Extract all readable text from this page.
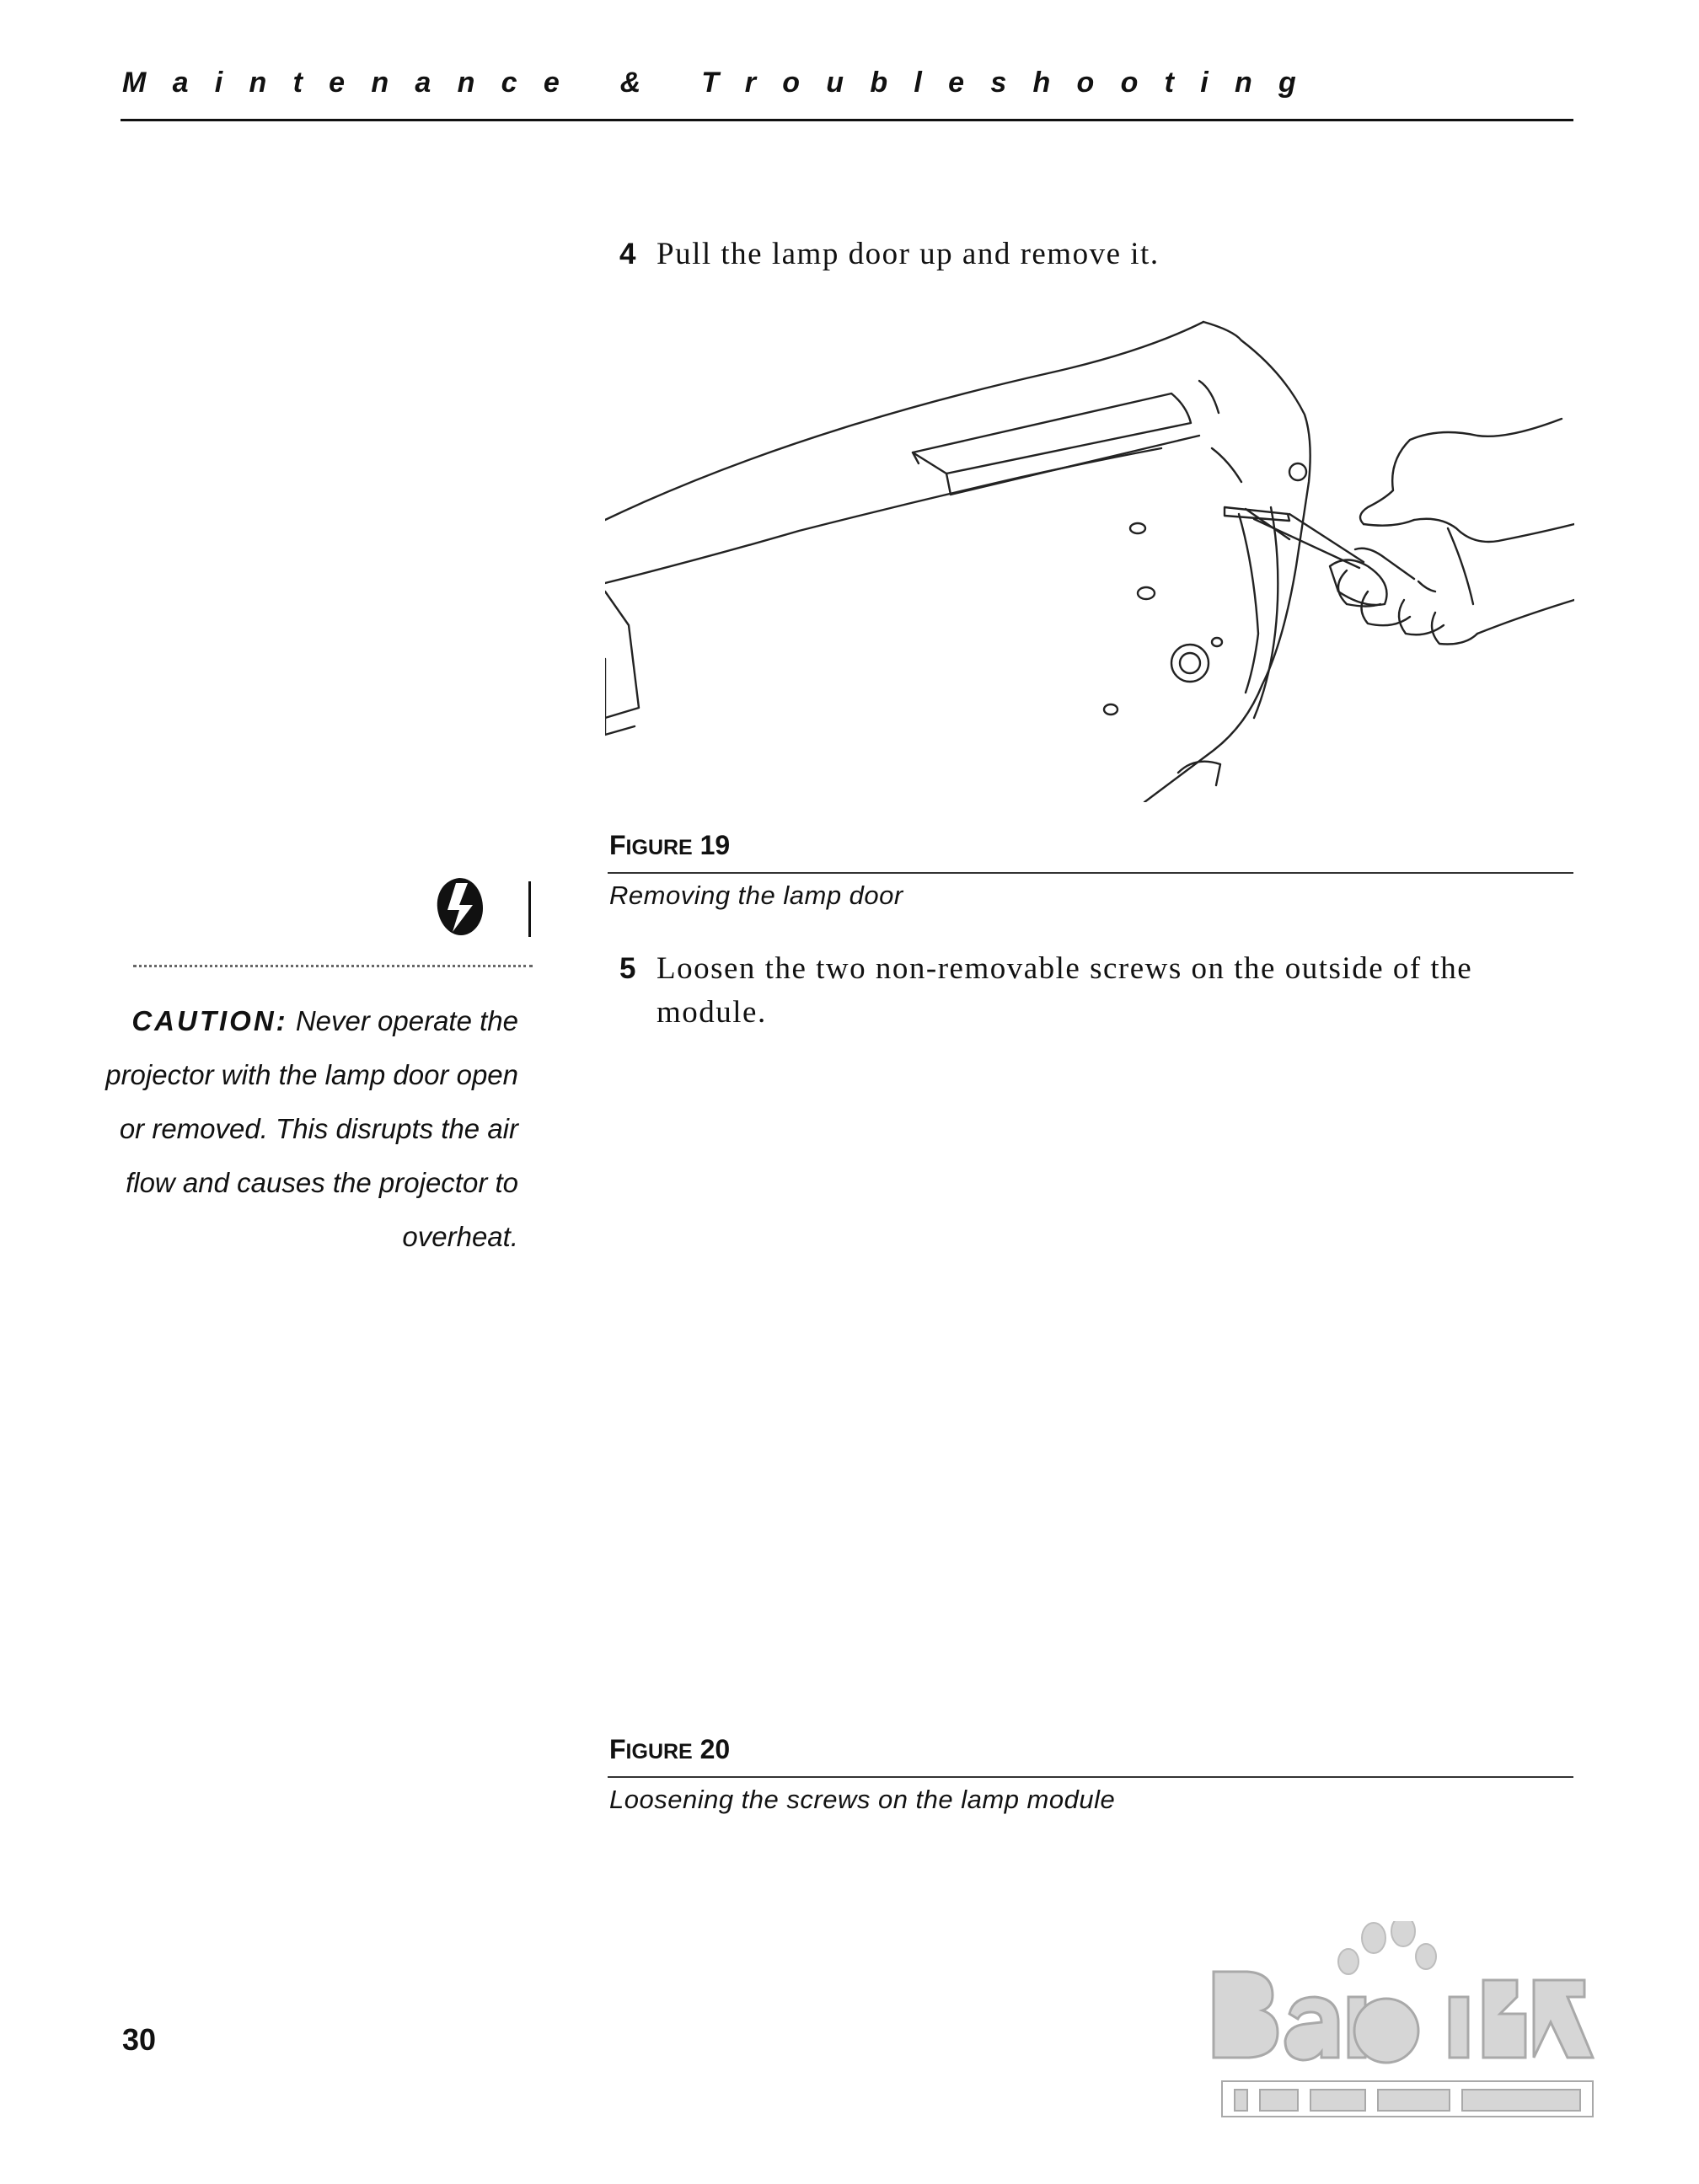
Maintenance & Troubleshooting
4 Pull the lamp door up and remove it.
FIGURE 19
Removing the lamp door
CAUTION: Never operate the projector with the lamp door open or removed. This disrupts the air flow and causes the projector to overheat.
5 Loosen the two non-removable screws on the outside of the module.
FIGURE 20
Loosening the screws on the lamp module
30
